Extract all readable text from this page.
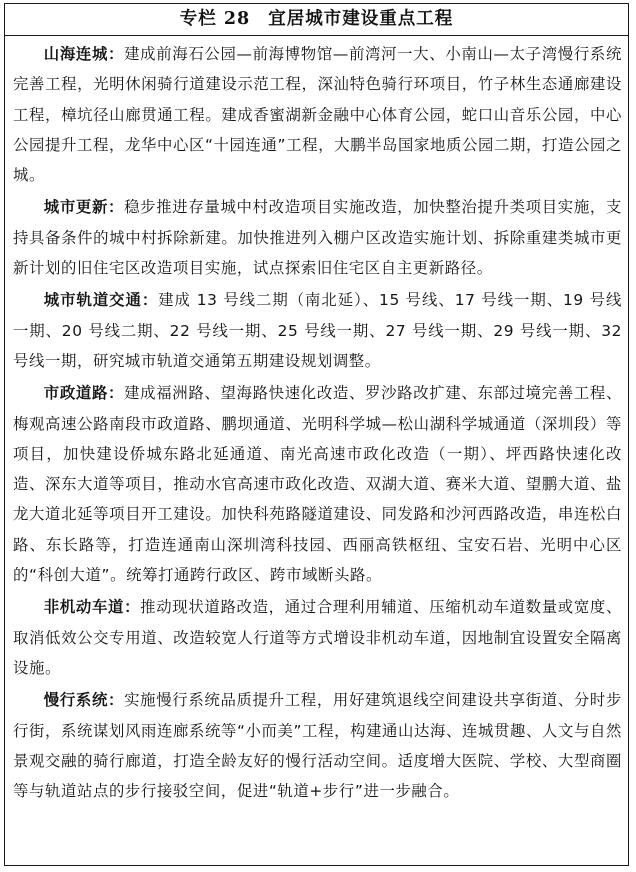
专栏 28 宜居城市建设重点工程

山海连城：建成前海石公园—前海博物馆—前湾河一大、小南山—太子湾慢行系统完善工程，光明休闲骑行道建设示范工程，深汕特色骑行环项目，竹子林生态通廊建设工程，樟坑径山廊贯通工程。建成香蜜湖新金融中心体育公园，蛇口山音乐公园，中心公园提升工程，龙华中心区“十园连通”工程，大鹏半岛国家地质公园二期，打造公园之城。

城市更新：稳步推进存量城中村改造项目实施改造，加快整治提升类项目实施，支持具备条件的城中村拆除新建。加快推进列入棚户区改造实施计划、拆除重建类城市更新计划的旧住宅区改造项目实施，试点探索旧住宅区自主更新路径。

城市轨道交通：建成 13 号线二期（南北延）、15 号线、17 号线一期、19 号线一期、20 号线二期、22 号线一期、25 号线一期、27 号线一期、29 号线一期、32 号线一期，研究城市轨道交通第五期建设规划调整。

市政道路：建成福洲路、望海路快速化改造、罗沙路改扩建、东部过境完善工程、梅观高速公路南段市政道路、鹏坝通道、光明科学城—松山湖科学城通道（深圳段）等项目，加快建设侨城东路北延通道、南光高速市政化改造（一期）、坪西路快速化改造、深东大道等项目，推动水官高速市政化改造、双湖大道、赛米大道、望鹏大道、盐龙大道北延等项目开工建设。加快科苑路隧道建设、同发路和沙河西路改造，串连松白路、东长路等，打造连通南山深圳湾科技园、西丽高铁枢纽、宝安石岩、光明中心区的“科创大道”。统筹打通跨行政区、跨市域断头路。

非机动车道：推动现状道路改造，通过合理利用辅道、压缩机动车道数量或宽度、取消低效公交专用道、改造较宽人行道等方式增设非机动车道，因地制宜设置安全隔离设施。

慢行系统：实施慢行系统品质提升工程，用好建筑退线空间建设共享街道、分时步行街，系统谋划风雨连廊系统等“小而美”工程，构建通山达海、连城贯趣、人文与自然景观交融的骑行廊道，打造全龄友好的慢行活动空间。适度增大医院、学校、大型商圈等与轨道站点的步行接驳空间，促进“轨道+步行”进一步融合。
